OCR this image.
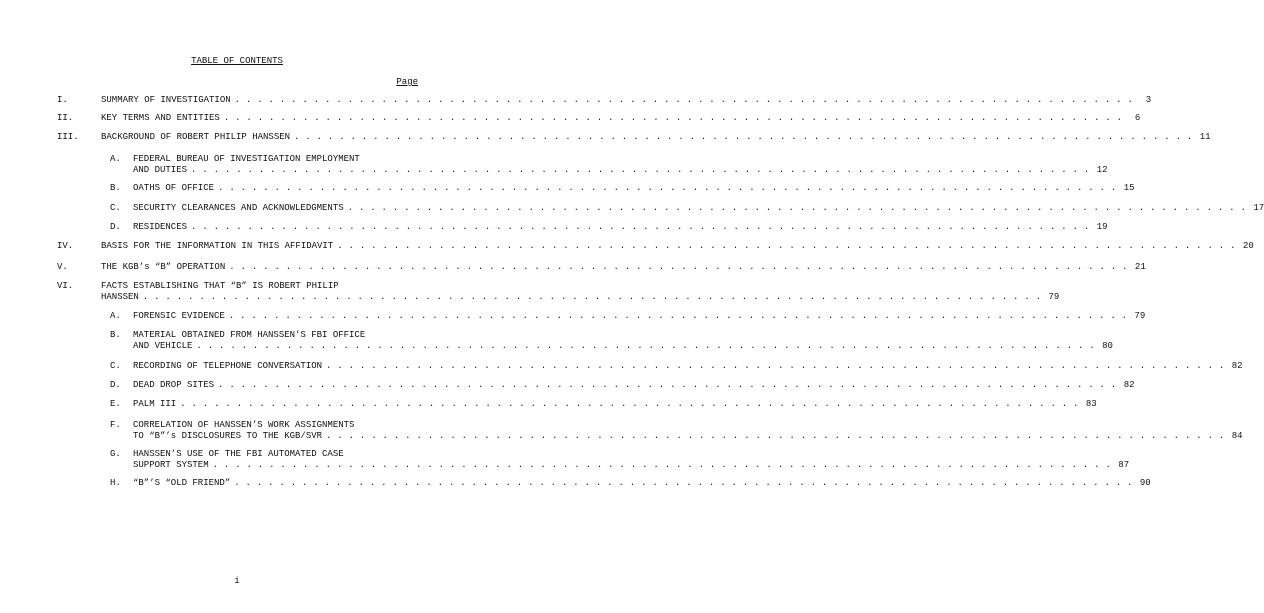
TABLE OF CONTENTS
Page
I.	SUMMARY OF INVESTIGATION . . . . . . . . . . . . . . . . . . . . . . . . . . . . . . . . . . . . . . . . . . . . . . . . . . . . . . . . . . . . . . . . . . . . . . . . . . . . . . . .	3
II.	KEY TERMS AND ENTITIES . . . . . . . . . . . . . . . . . . . . . . . . . . . . . . . . . . . . . . . . . . . . . . . . . . . . . . . . . . . . . . . . . . . . . . . . . . . . . . . .	6
III. BACKGROUND OF ROBERT PHILIP HANSSEN . . . . . . . . . . . . . . . . . . . . . . . . . . . . . . . . . . . . . . . . . . . . . . . . . . . . . . . . . . . . . . . . . . . . . . . . . . . . . . . . 11
A. FEDERAL BUREAU OF INVESTIGATION EMPLOYMENT
AND DUTIES . . . . . . . . . . . . . . . . . . . . . . . . . . . . . . . . . . . . . . . . . . . . . . . . . . . . . . . . . . . . . . . . . . . . . . . . . . . . . . . . 12
B. OATHS OF OFFICE . . . . . . . . . . . . . . . . . . . . . . . . . . . . . . . . . . . . . . . . . . . . . . . . . . . . . . . . . . . . . . . . . . . . . . . . . . . . . . . . 15
C. SECURITY CLEARANCES AND ACKNOWLEDGMENTS . . . . . . . . . . . . . . . . . . . . . . . . . . . . . . . . . . . . . . . . . . . . . . . . . . . . . . . . . . . . . . . . . . . . . . . . . . . . . . . . 17
D. RESIDENCES . . . . . . . . . . . . . . . . . . . . . . . . . . . . . . . . . . . . . . . . . . . . . . . . . . . . . . . . . . . . . . . . . . . . . . . . . . . . . . . . 19
IV.	BASIS FOR THE INFORMATION IN THIS AFFIDAVIT . . . . . . . . . . . . . . . . . . . . . . . . . . . . . . . . . . . . . . . . . . . . . . . . . . . . . . . . . . . . . . . . . . . . . . . . . . . . . . . . 20
V.	THE KGB’s “B” OPERATION . . . . . . . . . . . . . . . . . . . . . . . . . . . . . . . . . . . . . . . . . . . . . . . . . . . . . . . . . . . . . . . . . . . . . . . . . . . . . . . . 21
VI.	FACTS ESTABLISHING THAT “B” IS ROBERT PHILIP
HANSSEN . . . . . . . . . . . . . . . . . . . . . . . . . . . . . . . . . . . . . . . . . . . . . . . . . . . . . . . . . . . . . . . . . . . . . . . . . . . . . . . . 79
A. FORENSIC EVIDENCE . . . . . . . . . . . . . . . . . . . . . . . . . . . . . . . . . . . . . . . . . . . . . . . . . . . . . . . . . . . . . . . . . . . . . . . . . . . . . . . . 79
B. MATERIAL OBTAINED FROM HANSSEN’S FBI OFFICE
AND VEHICLE . . . . . . . . . . . . . . . . . . . . . . . . . . . . . . . . . . . . . . . . . . . . . . . . . . . . . . . . . . . . . . . . . . . . . . . . . . . . . . . . 80
C. RECORDING OF TELEPHONE CONVERSATION . . . . . . . . . . . . . . . . . . . . . . . . . . . . . . . . . . . . . . . . . . . . . . . . . . . . . . . . . . . . . . . . . . . . . . . . . . . . . . . . 82
D. DEAD DROP SITES . . . . . . . . . . . . . . . . . . . . . . . . . . . . . . . . . . . . . . . . . . . . . . . . . . . . . . . . . . . . . . . . . . . . . . . . . . . . . . . . 82
E. PALM III . . . . . . . . . . . . . . . . . . . . . . . . . . . . . . . . . . . . . . . . . . . . . . . . . . . . . . . . . . . . . . . . . . . . . . . . . . . . . . . . 83
F. CORRELATION OF HANSSEN’S WORK ASSIGNMENTS
TO “B”’s DISCLOSURES TO THE KGB/SVR . . . . . . . . . . . . . . . . . . . . . . . . . . . . . . . . . . . . . . . . . . . . . . . . . . . . . . . . . . . . . . . . . . . . . . . . . . . . . . . . 84
G. HANSSEN’S USE OF THE FBI AUTOMATED CASE
SUPPORT SYSTEM . . . . . . . . . . . . . . . . . . . . . . . . . . . . . . . . . . . . . . . . . . . . . . . . . . . . . . . . . . . . . . . . . . . . . . . . . . . . . . . . 87
H. “B”’S “OLD FRIEND” . . . . . . . . . . . . . . . . . . . . . . . . . . . . . . . . . . . . . . . . . . . . . . . . . . . . . . . . . . . . . . . . . . . . . . . . . . . . . . . . 90
i
